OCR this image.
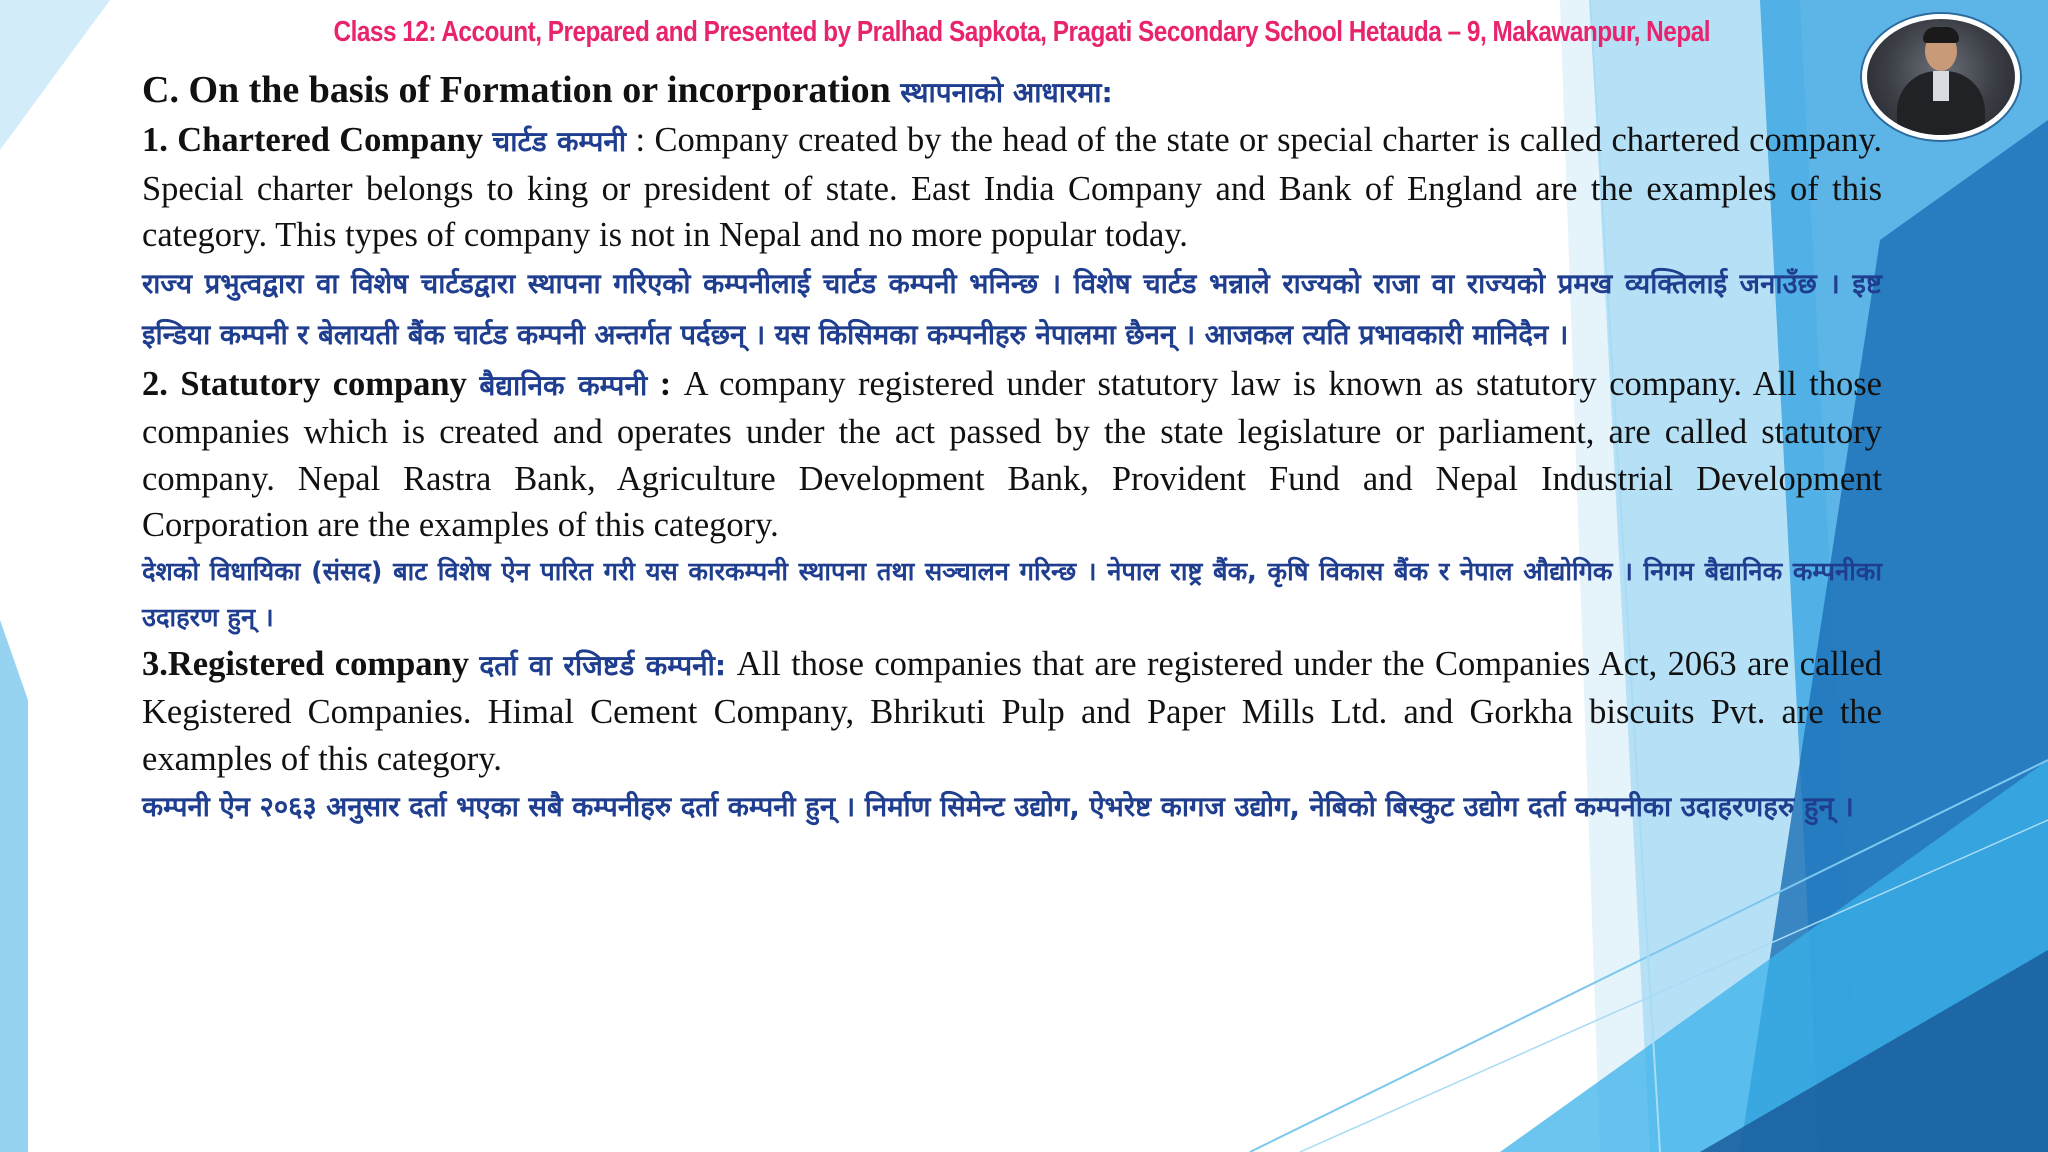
Class 12: Account, Prepared and Presented by Pralhad Sapkota, Pragati Secondary School Hetauda – 9, Makawanpur, Nepal

C. On the basis of Formation or incorporation स्थापनाको आधारमा:

1. Chartered Company चार्टड कम्पनी : Company created by the head of the state or special charter is called chartered company. Special charter belongs to king or president of state. East India Company and Bank of England are the examples of this category. This types of company is not in Nepal and no more popular today.

राज्य प्रभुत्वद्वारा वा विशेष चार्टडद्वारा स्थापना गरिएको कम्पनीलाई चार्टड कम्पनी भनिन्छ । विशेष चार्टड भन्नाले राज्यको राजा वा राज्यको प्रमख व्यक्तिलाई जनाउँछ । इष्ट इन्डिया कम्पनी र बेलायती बैंक चार्टड कम्पनी अन्तर्गत पर्दछन् । यस किसिमका कम्पनीहरु नेपालमा छैनन् । आजकल त्यति प्रभावकारी मानिदैन ।

2. Statutory company बैद्यानिक कम्पनी : A company registered under statutory law is known as statutory company. All those companies which is created and operates under the act passed by the state legislature or parliament, are called statutory company. Nepal Rastra Bank, Agriculture Development Bank, Provident Fund and Nepal Industrial Development Corporation are the examples of this category.

देशको विधायिका (संसद) बाट विशेष ऐन पारित गरी यस कारकम्पनी स्थापना तथा सञ्चालन गरिन्छ । नेपाल राष्ट्र बैंक, कृषि विकास बैंक र नेपाल औद्योगिक । निगम बैद्यानिक कम्पनीका उदाहरण हुन् ।

3.Registered company दर्ता वा रजिष्टर्ड कम्पनी: All those companies that are registered under the Companies Act, 2063 are called Kegistered Companies. Himal Cement Company, Bhrikuti Pulp and Paper Mills Ltd. and Gorkha biscuits Pvt. are the examples of this category.

कम्पनी ऐन २०६३ अनुसार दर्ता भएका सबै कम्पनीहरु दर्ता कम्पनी हुन् । निर्माण सिमेन्ट उद्योग, ऐभरेष्ट कागज उद्योग, नेबिको बिस्कुट उद्योग दर्ता कम्पनीका उदाहरणहरु हुन् ।
